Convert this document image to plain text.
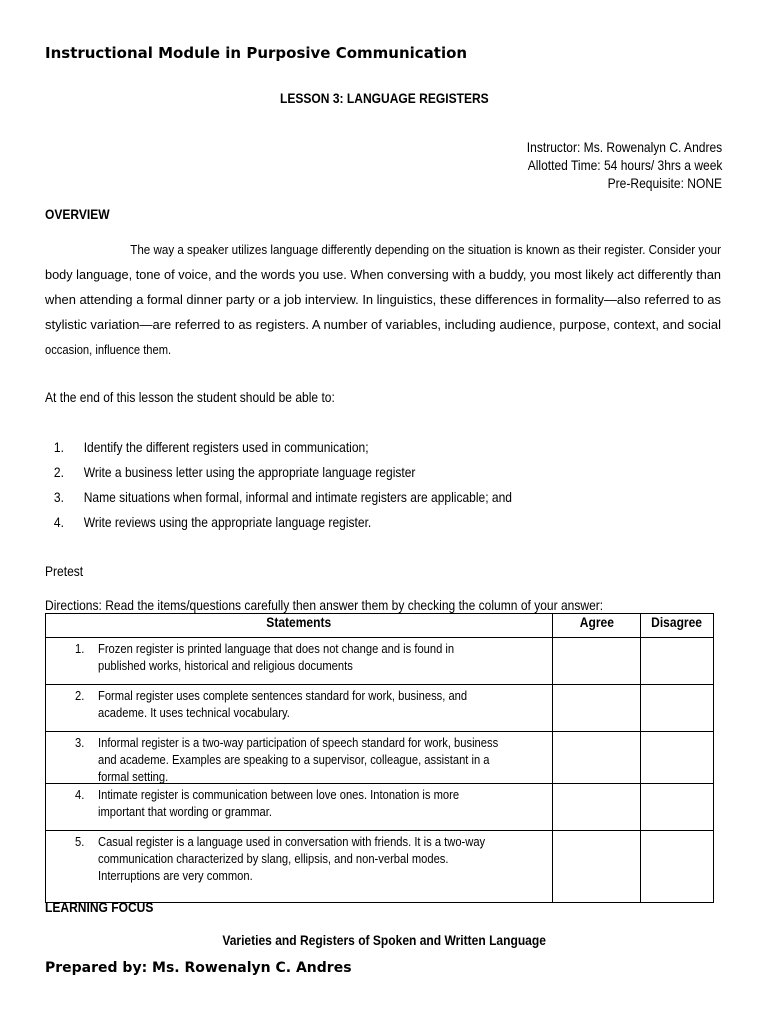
Instructional Module in Purposive Communication
LESSON 3: LANGUAGE REGISTERS
Instructor: Ms. Rowenalyn C. Andres
Allotted Time: 54 hours/ 3hrs a week
Pre-Requisite: NONE
OVERVIEW
The way a speaker utilizes language differently depending on the situation is known as their register. Consider your
body language, tone of voice, and the words you use. When conversing with a buddy, you most likely act differently than
when attending a formal dinner party or a job interview. In linguistics, these differences in formality—also referred to as
stylistic variation—are referred to as registers. A number of variables, including audience, purpose, context, and social
occasion, influence them.
At the end of this lesson the student should be able to:
1. Identify the different registers used in communication;
2. Write a business letter using the appropriate language register
3. Name situations when formal, informal and intimate registers are applicable; and
4. Write reviews using the appropriate language register.
Pretest
Directions: Read the items/questions carefully then answer them by checking the column of your answer:
Statements	Agree	Disagree

1. Frozen register is printed language that does not change and is found in
published works, historical and religious documents		

2. Formal register uses complete sentences standard for work, business, and
academe. It uses technical vocabulary.		

3. Informal register is a two-way participation of speech standard for work, business
and academe. Examples are speaking to a supervisor, colleague, assistant in a
formal setting.		

4. Intimate register is communication between love ones. Intonation is more
important that wording or grammar.		

5. Casual register is a language used in conversation with friends. It is a two-way
communication characterized by slang, ellipsis, and non-verbal modes.
Interruptions are very common.		

LEARNING FOCUS
Varieties and Registers of Spoken and Written Language
Prepared by: Ms. Rowenalyn C. Andres
